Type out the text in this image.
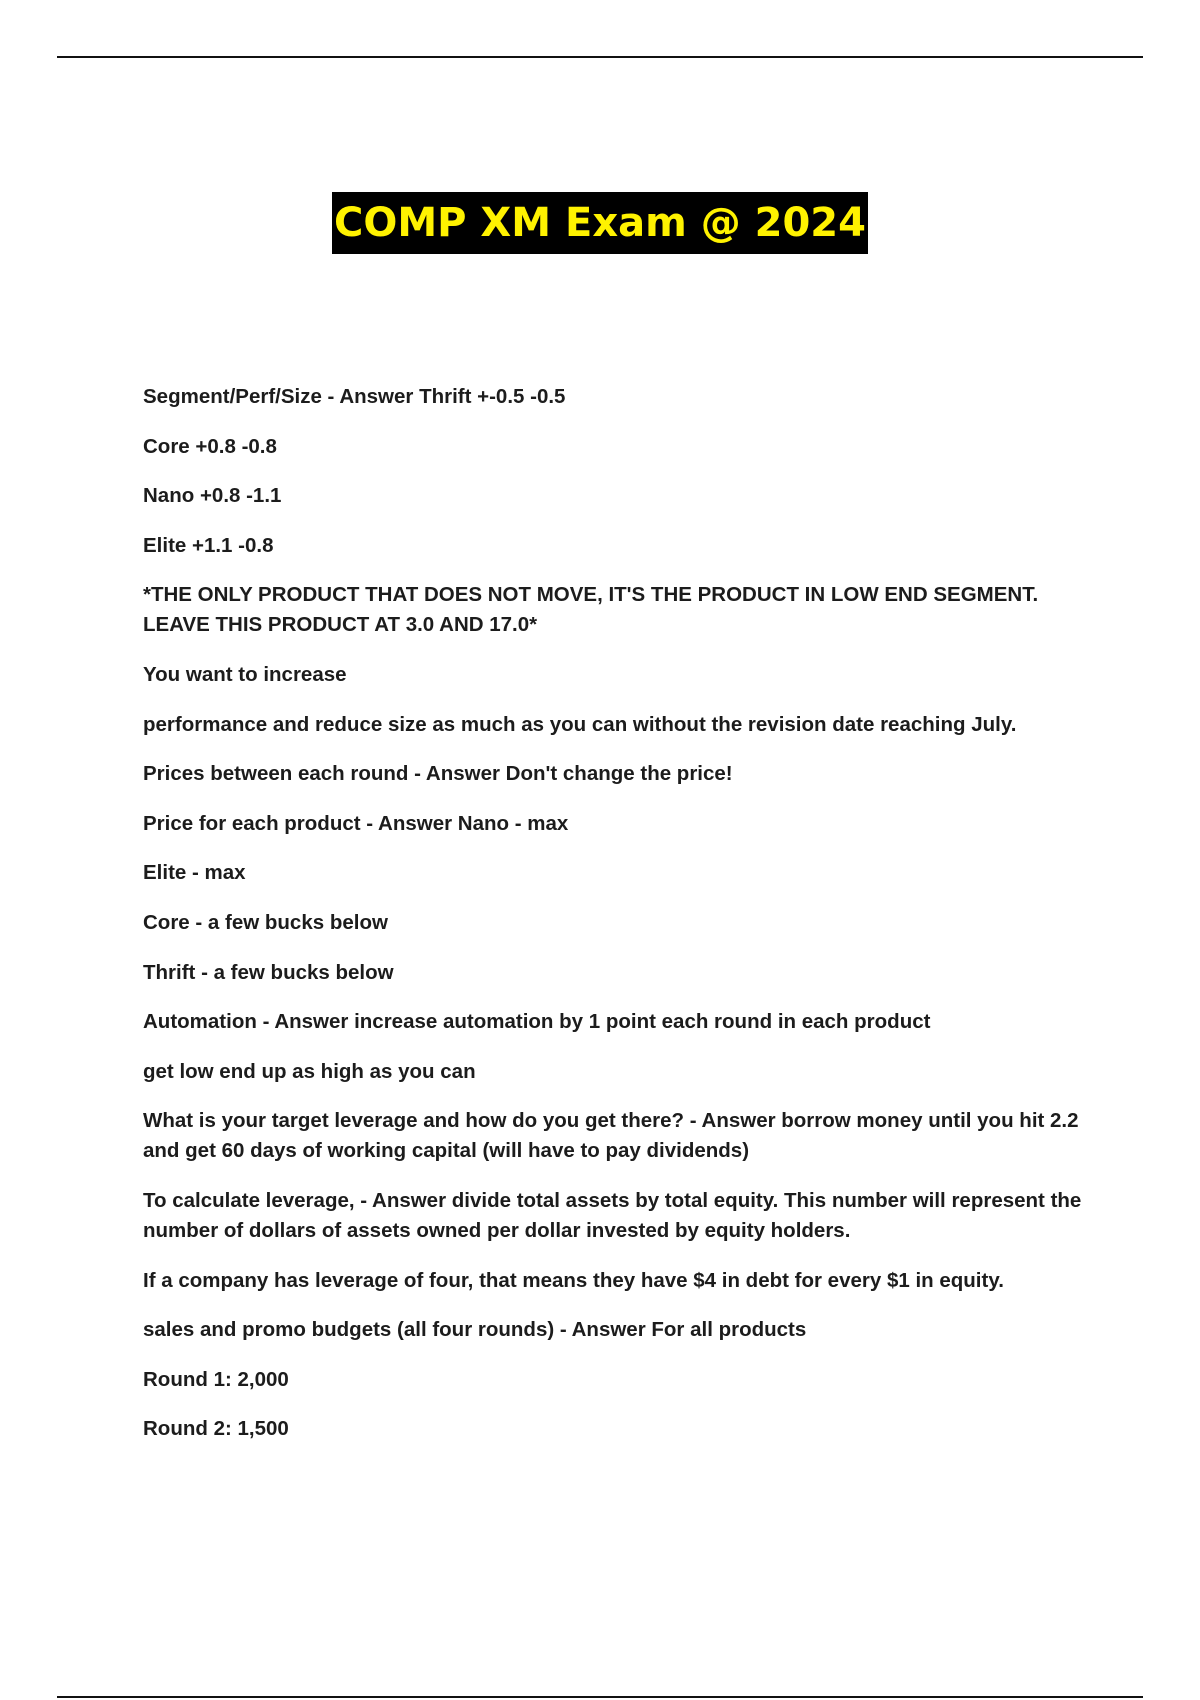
COMP XM Exam @ 2024
Segment/Perf/Size - Answer Thrift +-0.5 -0.5
Core +0.8 -0.8
Nano +0.8 -1.1
Elite +1.1 -0.8
*THE ONLY PRODUCT THAT DOES NOT MOVE, IT'S THE PRODUCT IN LOW END SEGMENT. LEAVE THIS PRODUCT AT 3.0 AND 17.0*
You want to increase
performance and reduce size as much as you can without the revision date reaching July.
Prices between each round - Answer Don't change the price!
Price for each product - Answer Nano - max
Elite - max
Core - a few bucks below
Thrift - a few bucks below
Automation - Answer increase automation by 1 point each round in each product
get low end up as high as you can
What is your target leverage and how do you get there? - Answer borrow money until you hit 2.2 and get 60 days of working capital (will have to pay dividends)
To calculate leverage, - Answer divide total assets by total equity. This number will represent the number of dollars of assets owned per dollar invested by equity holders.
If a company has leverage of four, that means they have $4 in debt for every $1 in equity.
sales and promo budgets (all four rounds) - Answer For all products
Round 1: 2,000
Round 2: 1,500
